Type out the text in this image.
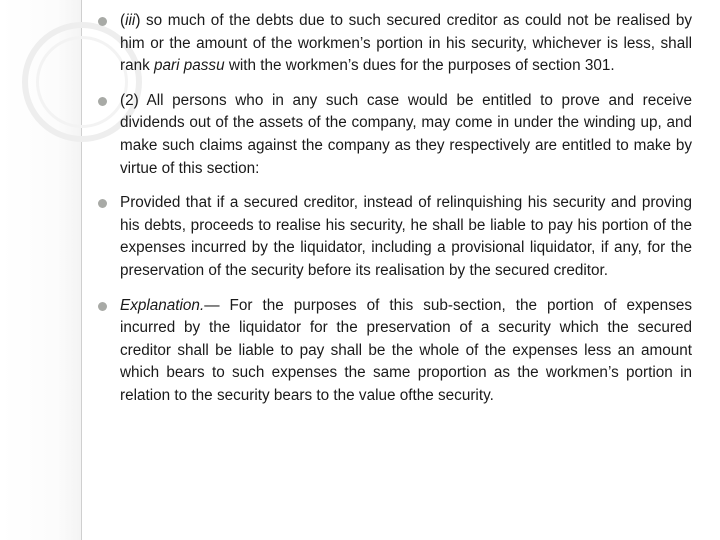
(iii) so much of the debts due to such secured creditor as could not be realised by him or the amount of the workmen’s portion in his security, whichever is less, shall rank pari passu with the workmen’s dues for the purposes of section 301.
(2) All persons who in any such case would be entitled to prove and receive dividends out of the assets of the company, may come in under the winding up, and make such claims against the company as they respectively are entitled to make by virtue of this section:
Provided that if a secured creditor, instead of relinquishing his security and proving his debts, proceeds to realise his security, he shall be liable to pay his portion of the expenses incurred by the liquidator, including a provisional liquidator, if any, for the preservation of the security before its realisation by the secured creditor.
Explanation.— For the purposes of this sub-section, the portion of expenses incurred by the liquidator for the preservation of a security which the secured creditor shall be liable to pay shall be the whole of the expenses less an amount which bears to such expenses the same proportion as the workmen’s portion in relation to the security bears to the value ofthe security.
